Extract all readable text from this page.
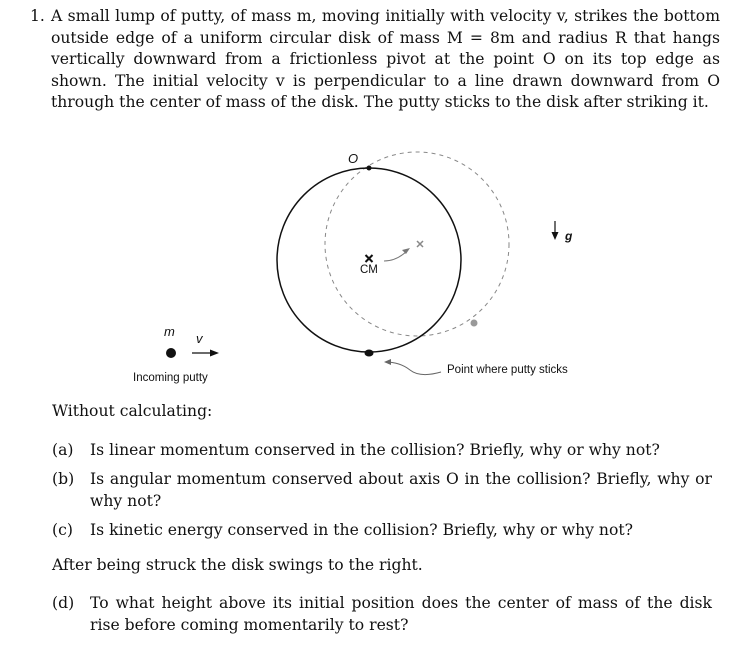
1. A small lump of putty, of mass m, moving initially with velocity v, strikes the bottom outside edge of a uniform circular disk of mass M = 8m and radius R that hangs vertically downward from a frictionless pivot at the point O on its top edge as shown. The initial velocity v is perpendicular to a line drawn downward from O through the center of mass of the disk. The putty sticks to the disk after striking it.
O
CM
g
m v
Incoming putty
Point where putty sticks
Without calculating:
(a) Is linear momentum conserved in the collision? Briefly, why or why not?
(b) Is angular momentum conserved about axis O in the collision? Briefly, why or why not?
(c) Is kinetic energy conserved in the collision? Briefly, why or why not?
After being struck the disk swings to the right.
(d) To what height above its initial position does the center of mass of the disk rise before coming momentarily to rest?
